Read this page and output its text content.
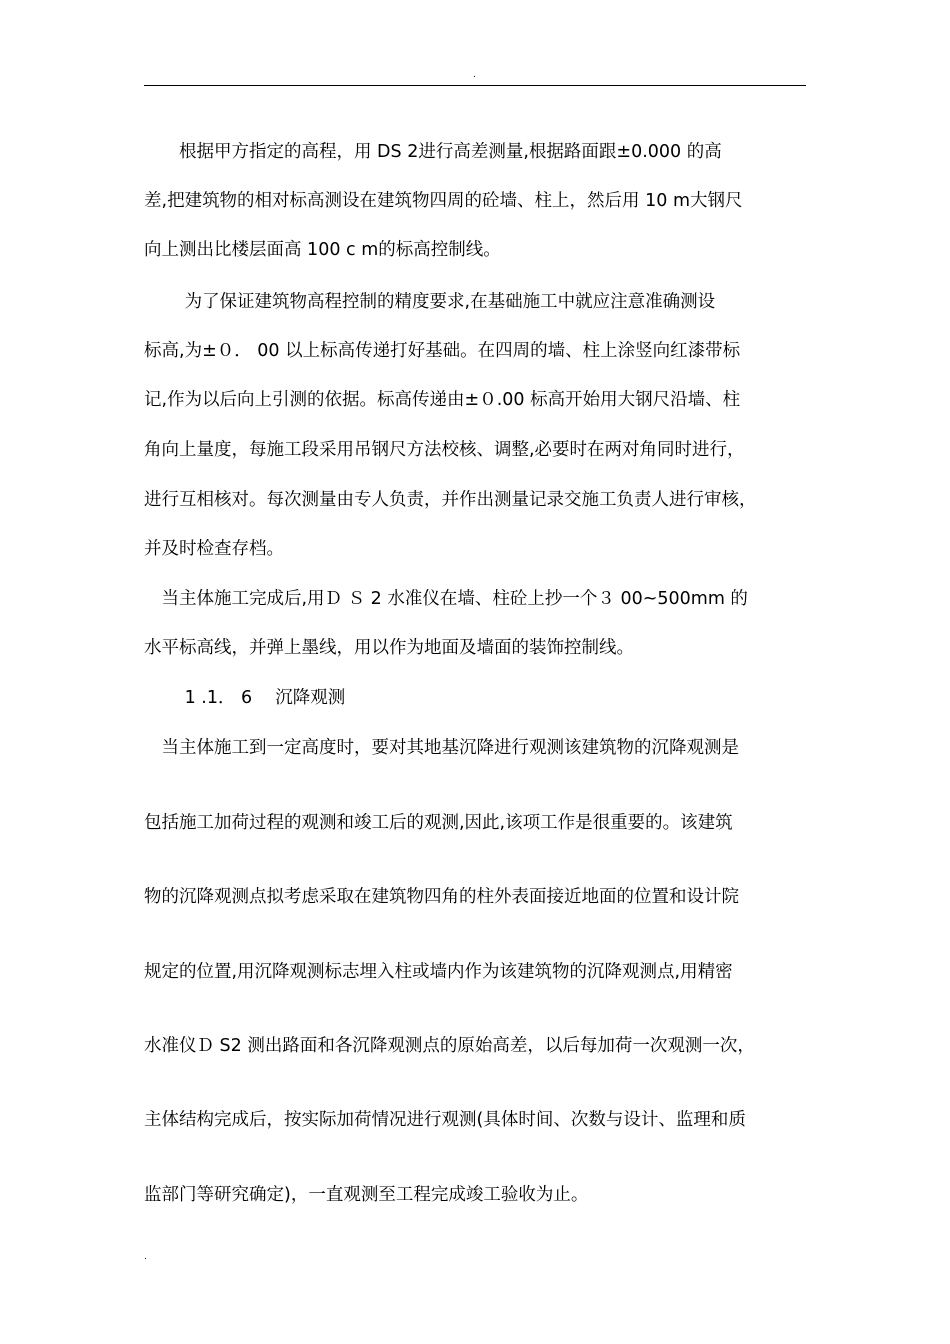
.
　　根据甲方指定的高程，用 DS 2进行高差测量,根据路面跟±0.000 的高
差,把建筑物的相对标高测设在建筑物四周的砼墙、柱上，然后用 10 m大钢尺
向上测出比楼层面高 100 c m的标高控制线。
　　 为了保证建筑物高程控制的精度要求,在基础施工中就应注意准确测设
标高,为±０． 00 以上标高传递打好基础。在四周的墙、柱上涂竖向红漆带标
记,作为以后向上引测的依据。标高传递由±０.00 标高开始用大钢尺沿墙、柱
角向上量度，每施工段采用吊钢尺方法校核、调整,必要时在两对角同时进行，
进行互相核对。每次测量由专人负责，并作出测量记录交施工负责人进行审核，
并及时检查存档。
　当主体施工完成后,用Ｄ Ｓ 2 水准仪在墙、柱砼上抄一个３ 00~500mm 的
水平标高线，并弹上墨线，用以作为地面及墙面的装饰控制线。
　　 1 .1． 6 　沉降观测
　当主体施工到一定高度时，要对其地基沉降进行观测该建筑物的沉降观测是
包括施工加荷过程的观测和竣工后的观测,因此,该项工作是很重要的。该建筑
物的沉降观测点拟考虑采取在建筑物四角的柱外表面接近地面的位置和设计院
规定的位置,用沉降观测标志埋入柱或墙内作为该建筑物的沉降观测点,用精密
水准仪Ｄ S2 测出路面和各沉降观测点的原始高差，以后每加荷一次观测一次，
主体结构完成后，按实际加荷情况进行观测(具体时间、次数与设计、监理和质
监部门等研究确定)，一直观测至工程完成竣工验收为止。
.
